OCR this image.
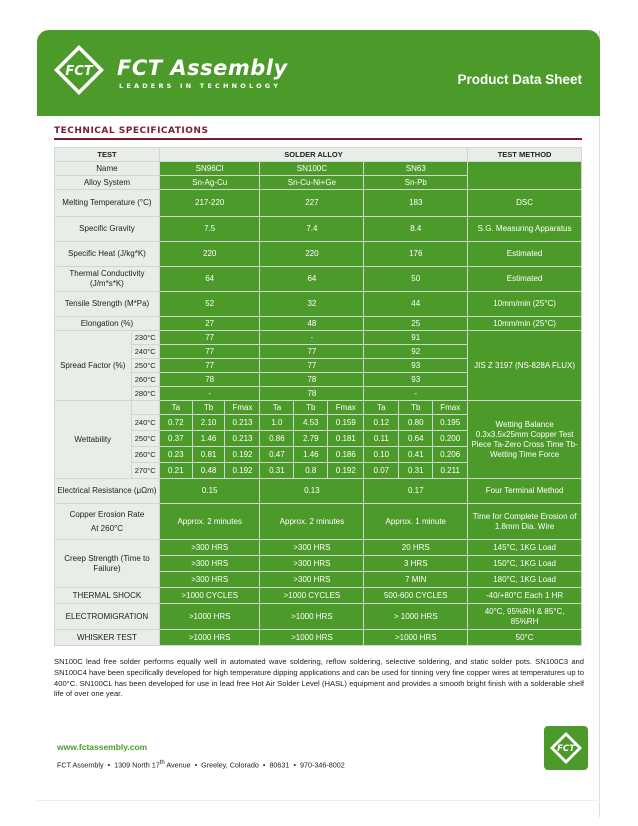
FCT FCT Assembly
LEADERS IN TECHNOLOGY	Product Data Sheet
TECHNICAL SPECIFICATIONS
TEST		SOLDER ALLOY									TEST METHOD
Name		SN96CI			SN100C			SN63			
Alloy System		Sn-Ag-Cu			Sn-Cu-Ni+Ge			Sn-Pb			
Melting Temperature (°C)		217-220			227			183			DSC
Specific Gravity		7.5			7.4			8.4			S.G. Measuring Apparatus
Specific Heat (J/kg*K)		220			220			176			Estimated
Thermal Conductivity (J/m*s*K)		64			64			50			Estimated
Tensile Strength (M*Pa)		52			32			44			10mm/min (25°C)
Elongation (%)		27			48			25			10mm/min (25°C)
Spread Factor (%)	230°C	77			-			91			JIS Z 3197 (NS-828A FLUX)
	240°C	77			77			92			
	250°C	77			77			93			
	260°C	78			78			93			
	280°C	-			78			-			
Wettability		Ta	Tb	Fmax	Ta	Tb	Fmax	Ta	Tb	Fmax	Wetting Balance 0.3x3.5x25mm Copper Test Piece Ta-Zero Cross Time Tb-Wetting Time Force
	240°C	0.72	2.10	0.213	1.0	4.53	0.159	0.12	0.80	0.195	
	250°C	0.37	1.46	0.213	0.86	2.79	0.181	0.11	0.64	0.200	
	260°C	0.23	0.81	0.192	0.47	1.46	0.186	0.10	0.41	0.206	
	270°C	0.21	0.48	0.192	0.31	0.8	0.192	0.07	0.31	0.211	
Electrical Resistance (μΩm)		0.15			0.13			0.17			Four Terminal Method

Copper Erosion Rate
At 260°C		Approx. 2 minutes			Approx. 2 minutes			Approx. 1 minute			Time for Complete Erosion of 1.8mm Dia. Wire
Creep Strength (Time to Failure)		>300 HRS			>300 HRS			20 HRS			145°C, 1KG Load
		>300 HRS			>300 HRS			3 HRS			150°C, 1KG Load
		>300 HRS			>300 HRS			7 MIN			180°C, 1KG Load
THERMAL SHOCK		>1000 CYCLES			>1000 CYCLES			500-600 CYCLES			-40/+80°C Each 1 HR
ELECTROMIGRATION		>1000 HRS			>1000 HRS			> 1000 HRS			40°C, 95%RH & 85°C, 85%RH
WHISKER TEST		>1000 HRS			>1000 HRS			>1000 HRS			50°C

SN100C lead free solder performs equally well in automated wave soldering, reflow soldering, selective soldering, and static solder pots. SN100C3 and SN100C4 have been specifically developed for high temperature dipping applications and can be used for tinning very fine copper wires at temperatures up to 400°C. SN100CL has been developed for use in lead free Hot Air Solder Level (HASL) equipment and provides a smooth bright finish with a solderable shelf life of over one year.

www.fctassembly.com
FCT Assembly • 1309 North 17th Avenue • Greeley, Colorado • 80631 • 970-346-8002
FCT
